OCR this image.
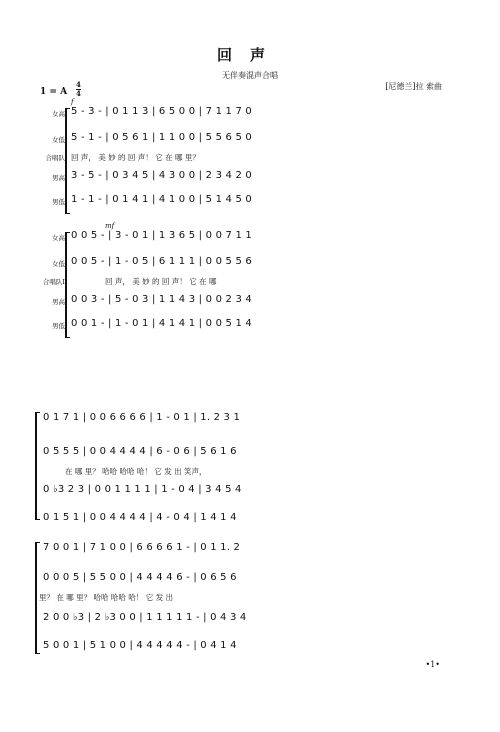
回声
无伴奏混声合唱
[尼德兰]拉 索曲
1 = A $\frac{4}{4}$
f
女高 5 - 3 - | 0 1 1 3 | 6 5 0 0 | 7 1 1 7 0
女低 5 - 1 - | 0 5 6 1 | 1 1 0 0 | 5 5 6 5 0
合唱队 回 声， 美 妙 的 回 声！ 它 在 哪 里？
男高 3 - 5 - | 0 3 4 5 | 4 3 0 0 | 2 3 4 2 0
男低 1 - 1 - | 0 1 4 1 | 4 1 0 0 | 5 1 4 5 0
mf
女高 0 0 5 - | 3 - 0 1 | 1 3 6 5 | 0 0 7 1 1
女低 0 0 5 - | 1 - 0 5 | 6 1 1 1 | 0 0 5 5 6
合唱队I	回 声， 美 妙 的 回 声！ 它 在 哪
男高 0 0 3 - | 5 - 0 3 | 1 1 4 3 | 0 0 2 3 4
男低 0 0 1 - | 1 - 0 1 | 4 1 4 1 | 0 0 5 1 4
0 1 7 1 | 0 0 6 6 6 6 | 1 - 0 1 | 1. 2 3 1
0 5 5 5 | 0 0 4 4 4 4 | 6 - 0 6 | 5 6 1 6
在 哪 里？ 哈哈 哈哈 哈！ 它 发 出 笑声，
0 ♭3 2 3 | 0 0 1 1 1 1 | 1 - 0 4 | 3 4 5 4
0 1 5 1 | 0 0 4 4 4 4 | 4 - 0 4 | 1 4 1 4
7 0 0 1 | 7 1 0 0 | 6 6 6 6 1 - | 0 1 1. 2
0 0 0 5 | 5 5 0 0 | 4 4 4 4 6 - | 0 6 5 6
里？ 在 哪 里？ 哈哈 哈哈 哈！ 它 发 出
2 0 0 ♭3 | 2 ♭3 0 0 | 1 1 1 1 1 - | 0 4 3 4
5 0 0 1 | 5 1 0 0 | 4 4 4 4 4 - | 0 4 1 4
•1•
